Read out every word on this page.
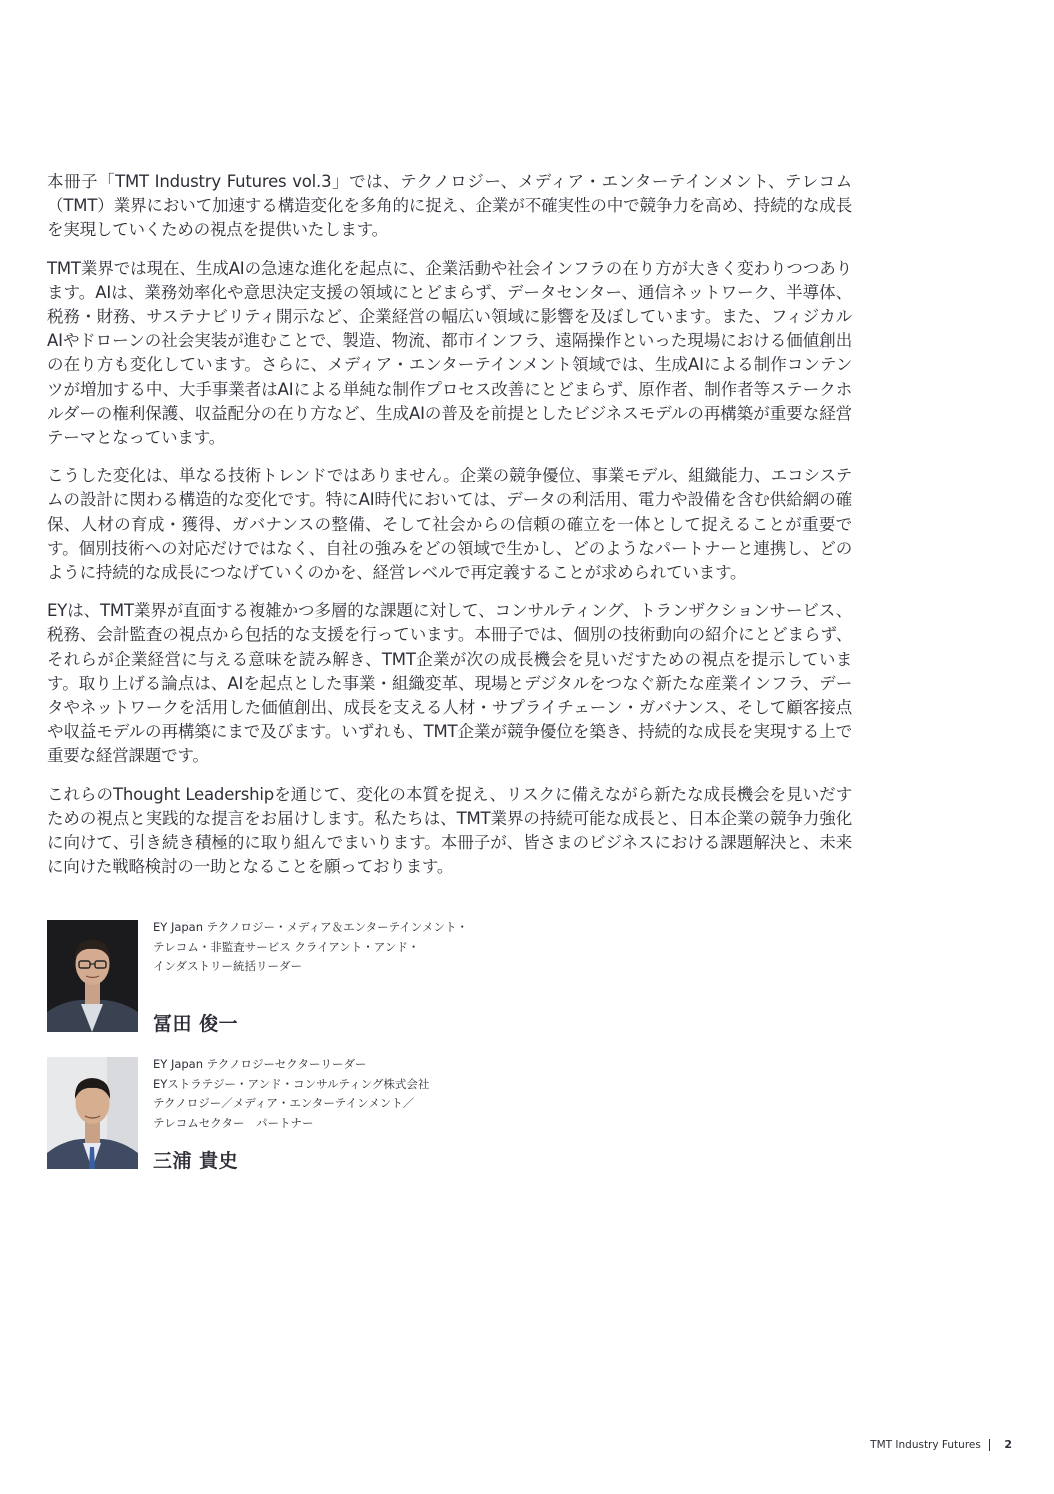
本冊子「TMT Industry Futures vol.3」では、テクノロジー、メディア・エンターテインメント、テレコム（TMT）業界において加速する構造変化を多角的に捉え、企業が不確実性の中で競争力を高め、持続的な成長を実現していくための視点を提供いたします。

TMT業界では現在、生成AIの急速な進化を起点に、企業活動や社会インフラの在り方が大きく変わりつつあります。AIは、業務効率化や意思決定支援の領域にとどまらず、データセンター、通信ネットワーク、半導体、税務・財務、サステナビリティ開示など、企業経営の幅広い領域に影響を及ぼしています。また、フィジカルAIやドローンの社会実装が進むことで、製造、物流、都市インフラ、遠隔操作といった現場における価値創出の在り方も変化しています。さらに、メディア・エンターテインメント領域では、生成AIによる制作コンテンツが増加する中、大手事業者はAIによる単純な制作プロセス改善にとどまらず、原作者、制作者等ステークホルダーの権利保護、収益配分の在り方など、生成AIの普及を前提としたビジネスモデルの再構築が重要な経営テーマとなっています。

こうした変化は、単なる技術トレンドではありません。企業の競争優位、事業モデル、組織能力、エコシステムの設計に関わる構造的な変化です。特にAI時代においては、データの利活用、電力や設備を含む供給網の確保、人材の育成・獲得、ガバナンスの整備、そして社会からの信頼の確立を一体として捉えることが重要です。個別技術への対応だけではなく、自社の強みをどの領域で生かし、どのようなパートナーと連携し、どのように持続的な成長につなげていくのかを、経営レベルで再定義することが求められています。

EYは、TMT業界が直面する複雑かつ多層的な課題に対して、コンサルティング、トランザクションサービス、税務、会計監査の視点から包括的な支援を行っています。本冊子では、個別の技術動向の紹介にとどまらず、それらが企業経営に与える意味を読み解き、TMT企業が次の成長機会を見いだすための視点を提示しています。取り上げる論点は、AIを起点とした事業・組織変革、現場とデジタルをつなぐ新たな産業インフラ、データやネットワークを活用した価値創出、成長を支える人材・サプライチェーン・ガバナンス、そして顧客接点や収益モデルの再構築にまで及びます。いずれも、TMT企業が競争優位を築き、持続的な成長を実現する上で重要な経営課題です。

これらのThought Leadershipを通じて、変化の本質を捉え、リスクに備えながら新たな成長機会を見いだすための視点と実践的な提言をお届けします。私たちは、TMT業界の持続可能な成長と、日本企業の競争力強化に向けて、引き続き積極的に取り組んでまいります。本冊子が、皆さまのビジネスにおける課題解決と、未来に向けた戦略検討の一助となることを願っております。

EY Japan テクノロジー・メディア＆エンターテインメント・
テレコム・非監査サービス クライアント・アンド・
インダストリー統括リーダー
冨田 俊一
EY Japan テクノロジーセクターリーダー
EYストラテジー・アンド・コンサルティング株式会社
テクノロジー／メディア・エンターテインメント／
テレコムセクター　パートナー
三浦 貴史
TMT Industry Futures 2
